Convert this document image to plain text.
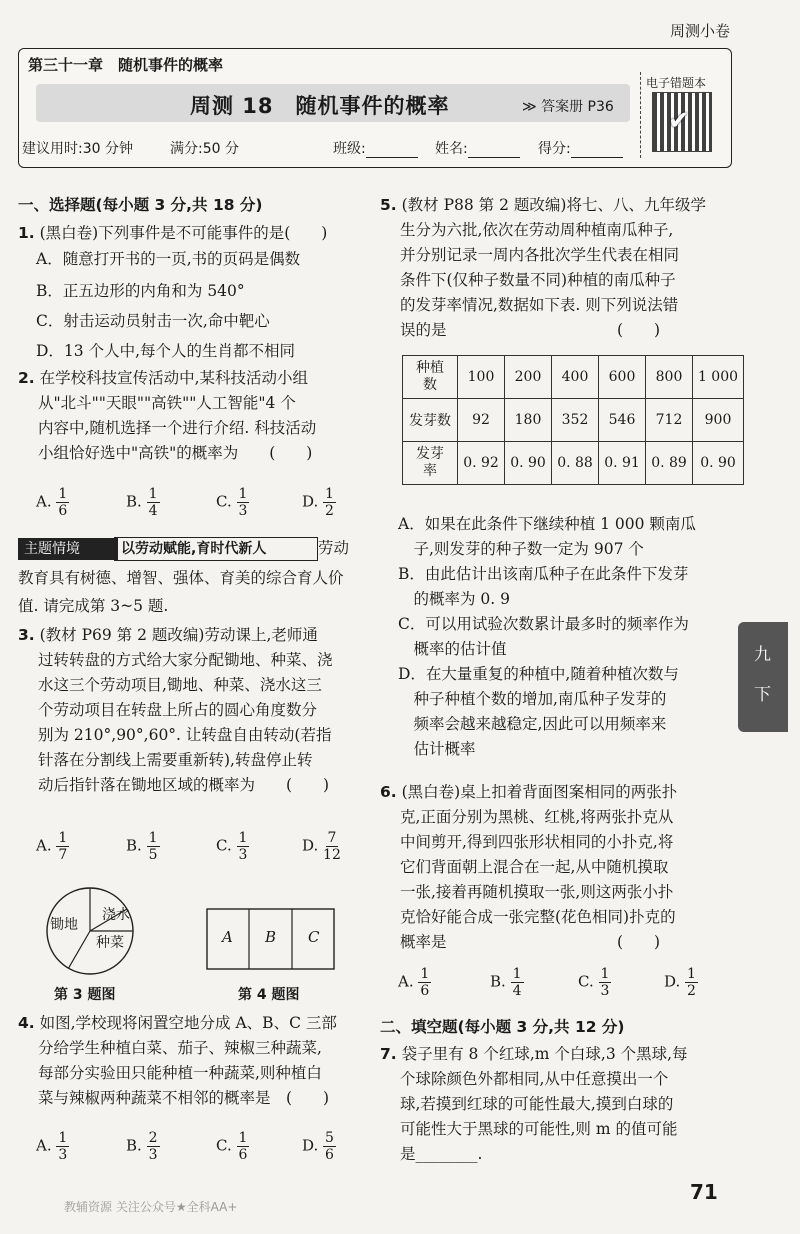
周测小卷
第三十一章　随机事件的概率
周测 18　随机事件的概率	≫ 答案册 P36
建议用时:30 分钟	满分:50 分	班级:	姓名:	得分:
电子错题本
✔
一、选择题(每小题 3 分,共 18 分)
1. (黑白卷)下列事件是不可能事件的是(　　)
A．随意打开书的一页,书的页码是偶数
B．正五边形的内角和为 540°
C．射击运动员射击一次,命中靶心
D．13 个人中,每个人的生肖都不相同
2. 在学校科技宣传活动中,某科技活动小组
从"北斗""天眼""高铁""人工智能"4 个
内容中,随机选择一个进行介绍. 科技活动
小组恰好选中"高铁"的概率为　　(　　)
A. $\frac{1}{6}$	B. $\frac{1}{4}$	C. $\frac{1}{3}$	D. $\frac{1}{2}$
主题情境	以劳动赋能,育时代新人	劳动
教育具有树德、增智、强体、育美的综合育人价
值. 请完成第 3~5 题.
3. (教材 P69 第 2 题改编)劳动课上,老师通
过转转盘的方式给大家分配锄地、种菜、浇
水这三个劳动项目,锄地、种菜、浇水这三
个劳动项目在转盘上所占的圆心角度数分
别为 210°,90°,60°. 让转盘自由转动(若指
针落在分割线上需要重新转),转盘停止转
动后指针落在锄地区域的概率为　　(　　)
A. $\frac{1}{7}$	B. $\frac{1}{5}$	C. $\frac{1}{3}$	D. $\frac{7}{12}$
锄地
浇水
种菜
第 3 题图
A B C
第 4 题图
4. 如图,学校现将闲置空地分成 A、B、C 三部
分给学生种植白菜、茄子、辣椒三种蔬菜,
每部分实验田只能种植一种蔬菜,则种植白
菜与辣椒两种蔬菜不相邻的概率是　(　　)
A. $\frac{1}{3}$	B. $\frac{2}{3}$	C. $\frac{1}{6}$	D. $\frac{5}{6}$
5. (教材 P88 第 2 题改编)将七、八、九年级学
生分为六批,依次在劳动周种植南瓜种子,
并分别记录一周内各批次学生代表在相同
条件下(仅种子数量不同)种植的南瓜种子
的发芽率情况,数据如下表. 则下列说法错
误的是　　　　　　　　　　　(　　)
种植
数	100	200	400	600	800	1 000
发芽数	92	180	352	546	712	900
发芽
率	0. 92	0. 90	0. 88	0. 91	0. 89	0. 90
A．如果在此条件下继续种植 1 000 颗南瓜
　子,则发芽的种子数一定为 907 个
B．由此估计出该南瓜种子在此条件下发芽
　的概率为 0. 9
C．可以用试验次数累计最多时的频率作为
　概率的估计值
D．在大量重复的种植中,随着种植次数与
　种子种植个数的增加,南瓜种子发芽的
　频率会越来越稳定,因此可以用频率来
　估计概率
6. (黑白卷)桌上扣着背面图案相同的两张扑
克,正面分别为黑桃、红桃,将两张扑克从
中间剪开,得到四张形状相同的小扑克,将
它们背面朝上混合在一起,从中随机摸取
一张,接着再随机摸取一张,则这两张小扑
克恰好能合成一张完整(花色相同)扑克的
概率是　　　　　　　　　　　(　　)
A. $\frac{1}{6}$	B. $\frac{1}{4}$	C. $\frac{1}{3}$	D. $\frac{1}{2}$
二、填空题(每小题 3 分,共 12 分)
7. 袋子里有 8 个红球,m 个白球,3 个黑球,每
个球除颜色外都相同,从中任意摸出一个
球,若摸到红球的可能性最大,摸到白球的
可能性大于黑球的可能性,则 m 的值可能
是________.
九
下
71
教辅资源 关注公众号★全科AA+
